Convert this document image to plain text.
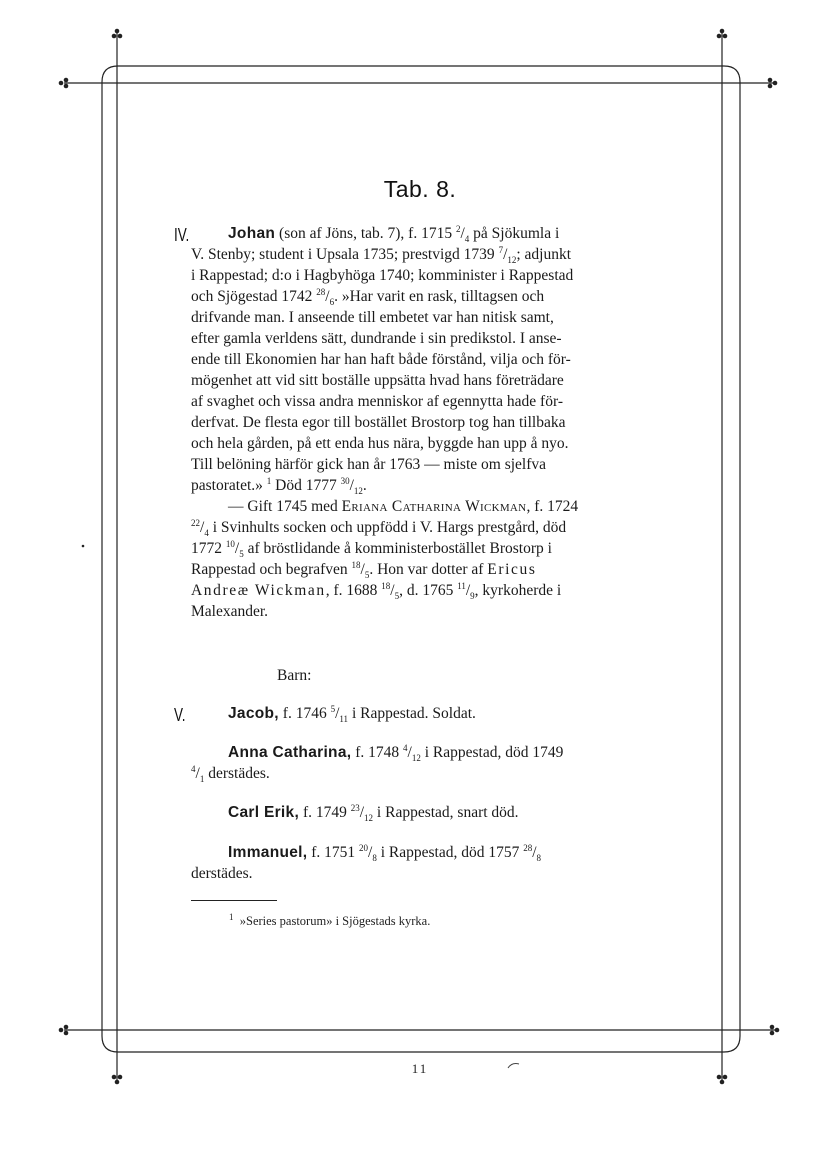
Tab. 8.
IV.	Johan (son af Jöns, tab. 7), f. 1715 $^2/_4$ på Sjökumla i
V. Stenby; student i Upsala 1735; prestvigd 1739 $^7/_{12}$; adjunkt
i Rappestad; d:o i Hagbyhöga 1740; komminister i Rappestad
och Sjögestad 1742 $^{28}/_6$. »Har varit en rask, tilltagsen och
drifvande man. I anseende till embetet var han nitisk samt,
efter gamla verldens sätt, dundrande i sin predikstol. I anse-
ende till Ekonomien har han haft både förstånd, vilja och för-
mögenhet att vid sitt boställe uppsätta hvad hans företrädare
af svaghet och vissa andra menniskor af egennytta hade för-
derfvat. De flesta egor till bostället Brostorp tog han tillbaka
och hela gården, på ett enda hus nära, byggde han upp å nyo.
Till belöning härför gick han år 1763 — miste om sjelfva
pastoratet.» $^1$ Död 1777 $^{30}/_{12}$.
— Gift 1745 med Eriana Catharina Wickman, f. 1724
$^{22}/_4$ i Svinhults socken och uppfödd i V. Hargs prestgård, död
1772 $^{10}/_5$ af bröstlidande å komministerbostället Brostorp i
Rappestad och begrafven $^{18}/_5$. Hon var dotter af Ericus
Andreæ Wickman, f. 1688 $^{18}/_5$, d. 1765 $^{11}/_9$, kyrkoherde i
Malexander.
Barn:
V.	Jacob, f. 1746 $^5/_{11}$ i Rappestad. Soldat.
Anna Catharina, f. 1748 $^4/_{12}$ i Rappestad, död 1749
$^4/_1$ derstädes.
Carl Erik, f. 1749 $^{23}/_{12}$ i Rappestad, snart död.
Immanuel, f. 1751 $^{20}/_8$ i Rappestad, död 1757 $^{28}/_8$
derstädes.
$^1$ »Series pastorum» i Sjögestads kyrka.
11
